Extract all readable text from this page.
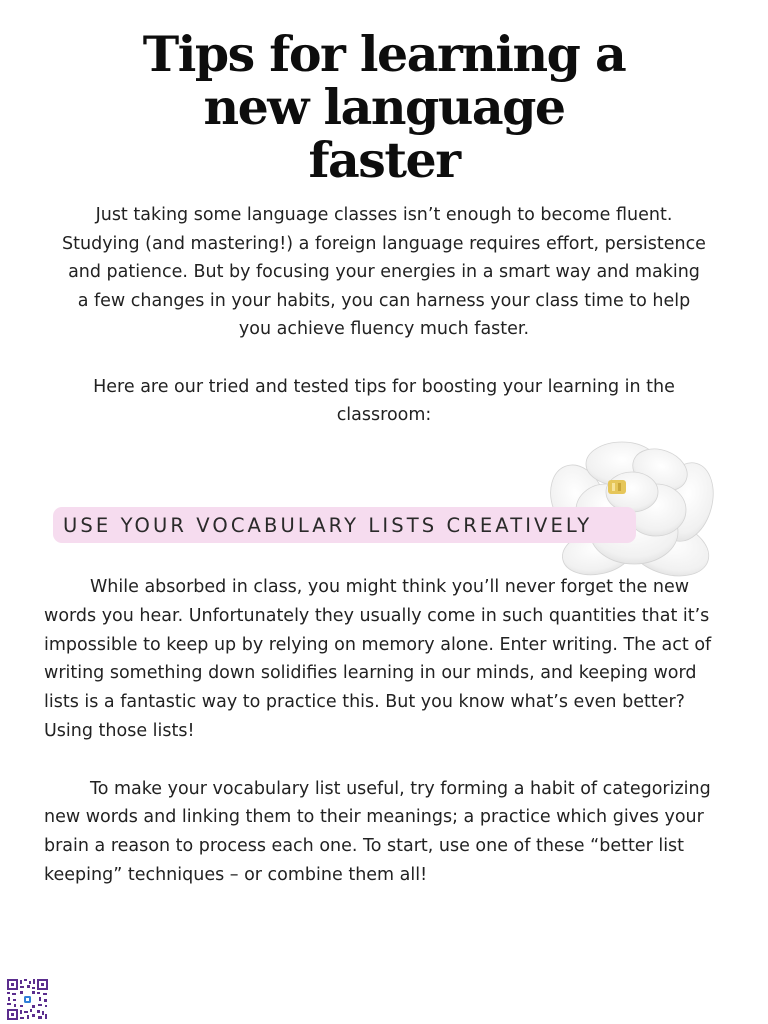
Tips for learning a
new language
faster

Just taking some language classes isn’t enough to become fluent. Studying (and mastering!) a foreign language requires effort, persistence and patience. But by focusing your energies in a smart way and making a few changes in your habits, you can harness your class time to help you achieve fluency much faster.

Here are our tried and tested tips for boosting your learning in the classroom:

USE YOUR VOCABULARY LISTS CREATIVELY

While absorbed in class, you might think you’ll never forget the new words you hear. Unfortunately they usually come in such quantities that it’s impossible to keep up by relying on memory alone. Enter writing. The act of writing something down solidifies learning in our minds, and keeping word lists is a fantastic way to practice this. But you know what’s even better? Using those lists!

To make your vocabulary list useful, try forming a habit of categorizing new words and linking them to their meanings; a practice which gives your brain a reason to process each one. To start, use one of these “better list keeping” techniques – or combine them all!
